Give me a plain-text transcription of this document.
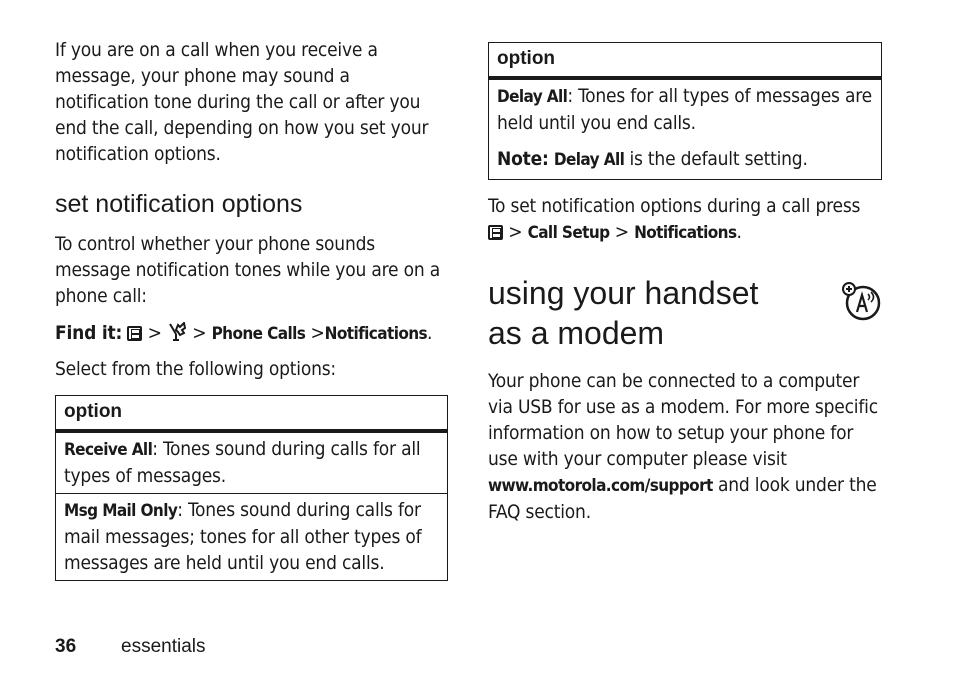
If you are on a call when you receive a message, your phone may sound a notification tone during the call or after you end the call, depending on how you set your notification options.

set notification options

To control whether your phone sounds message notification tones while you are on a phone call:

Find it: > > Phone Calls >Notifications.

Select from the following options:

option
Receive All: Tones sound during calls for all types of messages.
Msg Mail Only: Tones sound during calls for mail messages; tones for all other types of messages are held until you end calls.
option

Delay All: Tones for all types of messages are held until you end calls.
Note: Delay All is the default setting.

To set notification options during a call press
> Call Setup > Notifications.

using your handset
as a modem

Your phone can be connected to a computer via USB for use as a modem. For more specific information on how to setup your phone for use with your computer please visit www.motorola.com/support and look under the FAQ section.

36 essentials
